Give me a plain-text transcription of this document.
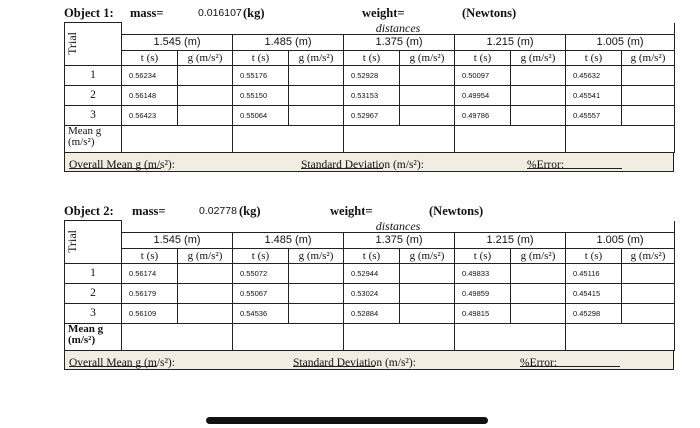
Object 1: mass=	0.016107 (kg)	weight=	(Newtons)
Trial	distances									
	1.545 (m)		1.485 (m)		1.375 (m)		1.215 (m)		1.005 (m)	
	t (s)	g (m/s²)	t (s)	g (m/s²)	t (s)	g (m/s²)	t (s)	g (m/s²)	t (s)	g (m/s²)
1	0.56234		0.55176		0.52928		0.50097		0.45632	
2	0.56148		0.55150		0.53153		0.49954		0.45541	
3	0.56423		0.55064		0.52967		0.49786		0.45557	
Mean g (m/s²)										
Overall Mean g (m/s²):	Standard Deviation (m/s²):	%Error:
Object 2: mass=	0.02778 (kg)	weight=	(Newtons)
Trial	distances									
	1.545 (m)		1.485 (m)		1.375 (m)		1.215 (m)		1.005 (m)	
	t (s)	g (m/s²)	t (s)	g (m/s²)	t (s)	g (m/s²)	t (s)	g (m/s²)	t (s)	g (m/s²)
1	0.56174		0.55072		0.52944		0.49833		0.45116	
2	0.56179		0.55067		0.53024		0.49859		0.45415	
3	0.56109		0.54536		0.52884		0.49815		0.45298	
Mean g (m/s²)										
Overall Mean g (m/s²):	Standard Deviation (m/s²):	%Error:
